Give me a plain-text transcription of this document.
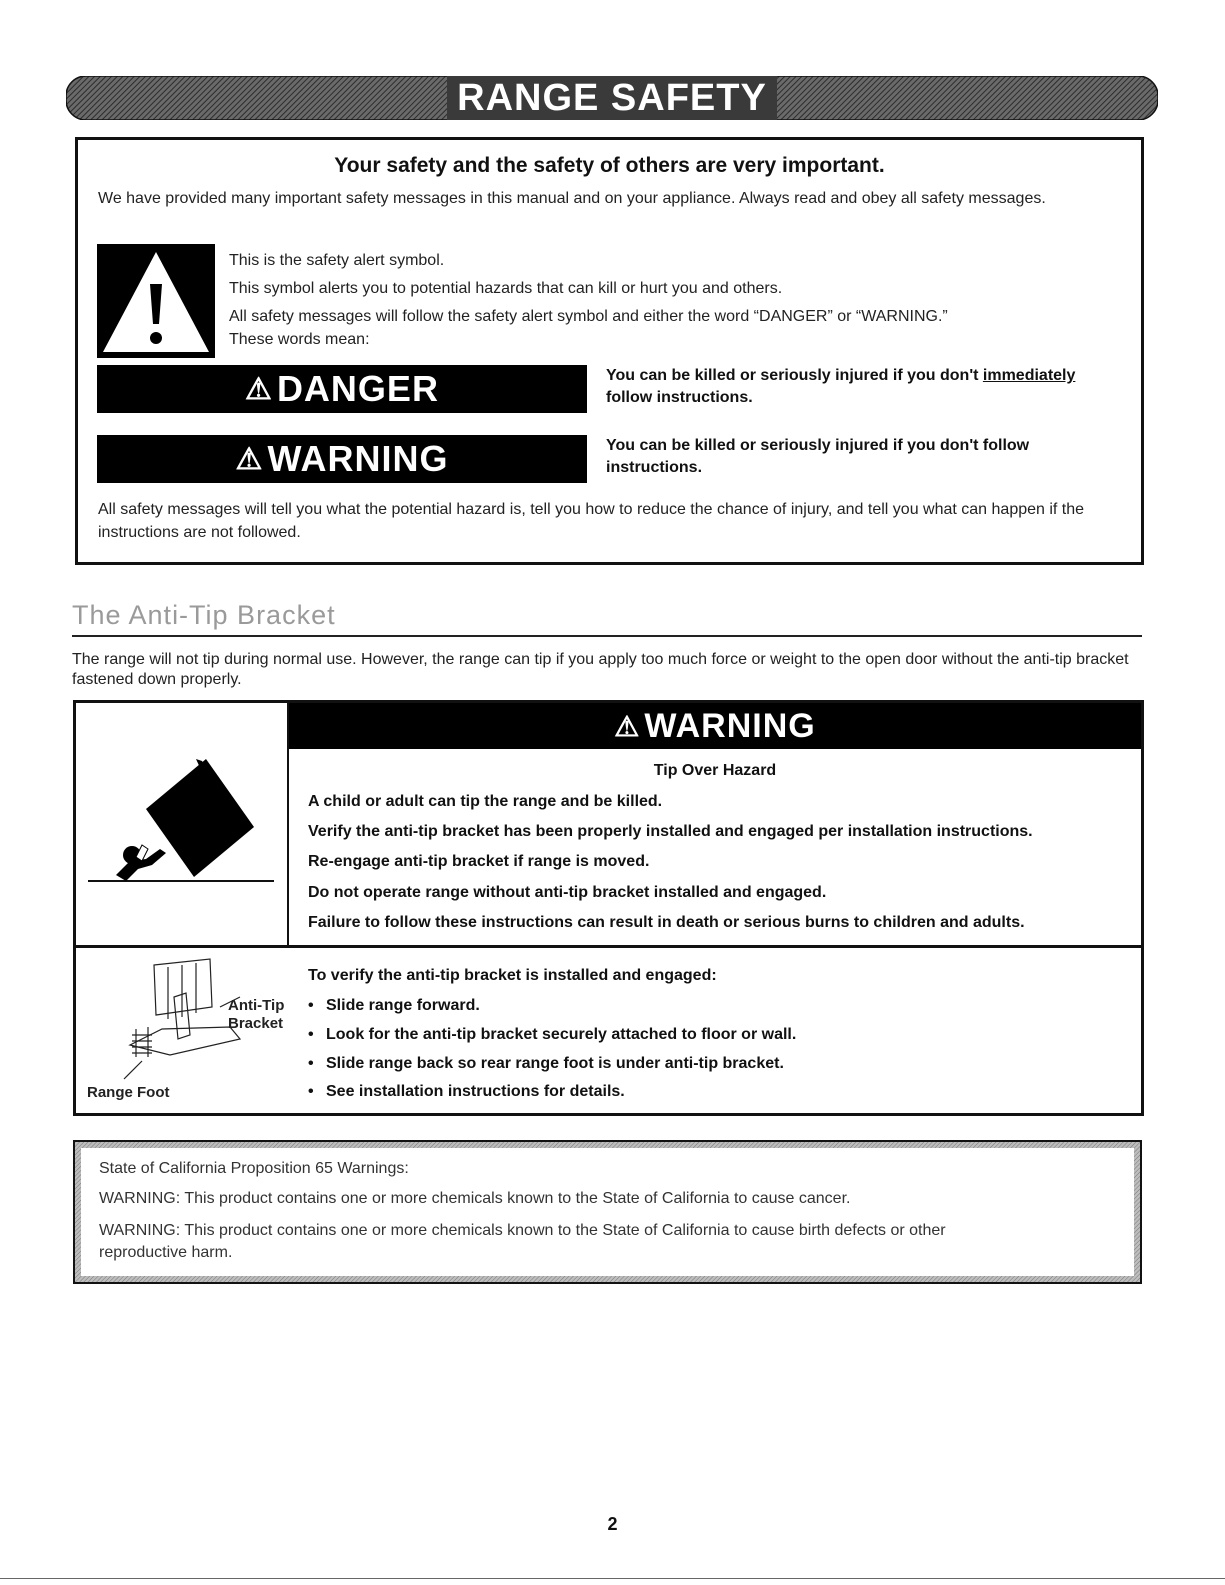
RANGE SAFETY

Your safety and the safety of others are very important.

We have provided many important safety messages in this manual and on your appliance. Always read and obey all safety messages.

This is the safety alert symbol.

This symbol alerts you to potential hazards that can kill or hurt you and others.

All safety messages will follow the safety alert symbol and either the word “DANGER” or “WARNING.”

These words mean:

⚠ DANGER	You can be killed or seriously injured if you don't immediately
follow instructions.

⚠ WARNING	You can be killed or seriously injured if you don't follow
instructions.

All safety messages will tell you what the potential hazard is, tell you how to reduce the chance of injury, and tell you what can happen if the instructions are not followed.

The Anti-Tip Bracket

The range will not tip during normal use. However, the range can tip if you apply too much force or weight to the open door without the anti-tip bracket fastened down properly.

⚠ WARNING

Tip Over Hazard

A child or adult can tip the range and be killed.

Verify the anti-tip bracket has been properly installed and engaged per installation instructions.

Re-engage anti-tip bracket if range is moved.

Do not operate range without anti-tip bracket installed and engaged.

Failure to follow these instructions can result in death or serious burns to children and adults.

Anti-Tip
Bracket

Range Foot

To verify the anti-tip bracket is installed and engaged:

• Slide range forward.

• Look for the anti-tip bracket securely attached to floor or wall.

• Slide range back so rear range foot is under anti-tip bracket.

• See installation instructions for details.

State of California Proposition 65 Warnings:

WARNING: This product contains one or more chemicals known to the State of California to cause cancer.

WARNING: This product contains one or more chemicals known to the State of California to cause birth defects or other

reproductive harm.

2
